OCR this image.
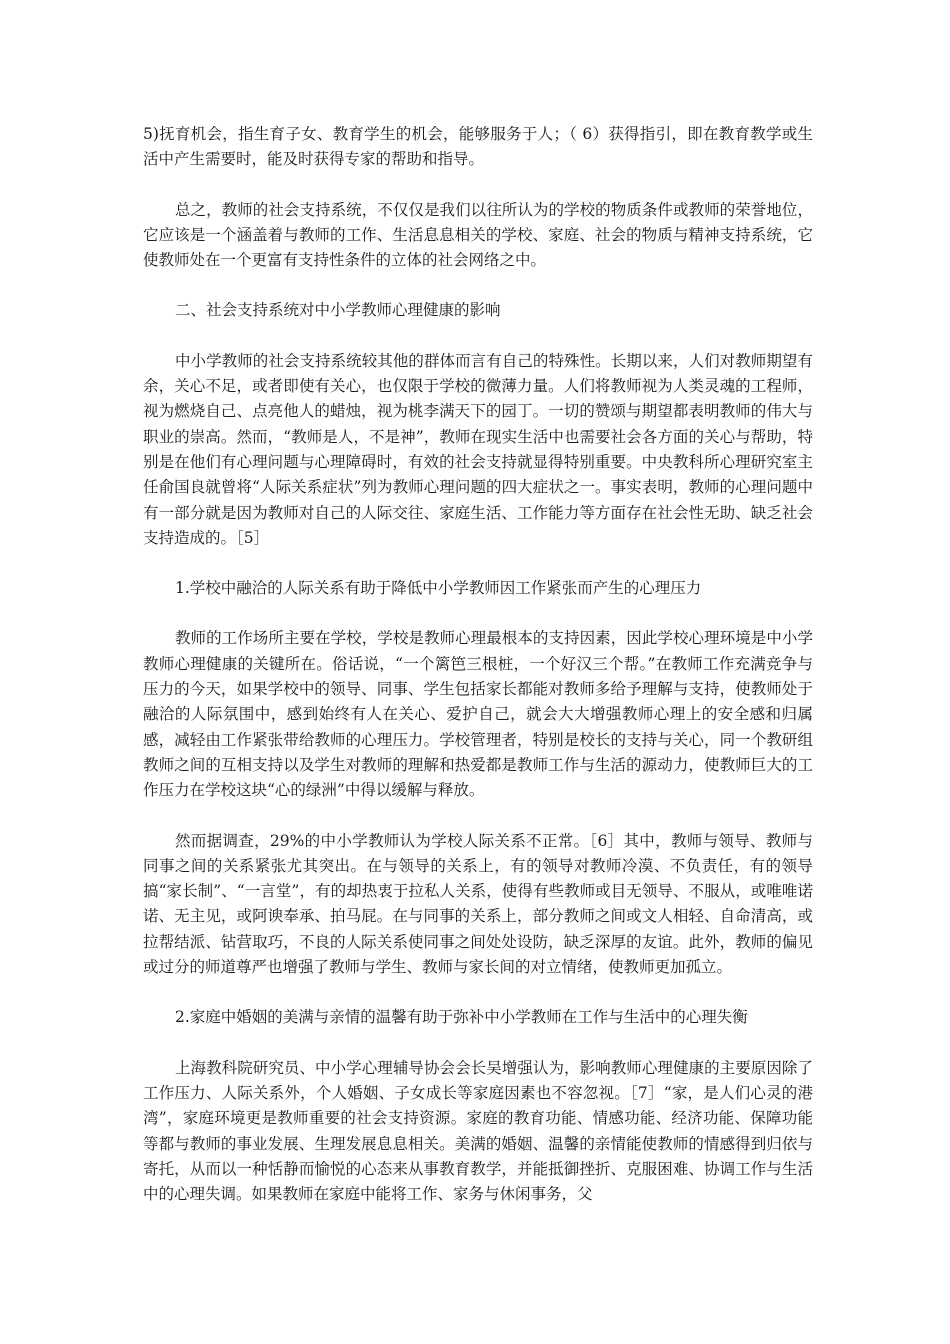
5)抚育机会，指生育子女、教育学生的机会，能够服务于人；（ 6）获得指引，即在教育教学或生活中产生需要时，能及时获得专家的帮助和指导。

总之，教师的社会支持系统，不仅仅是我们以往所认为的学校的物质条件或教师的荣誉地位，它应该是一个涵盖着与教师的工作、生活息息相关的学校、家庭、社会的物质与精神支持系统，它使教师处在一个更富有支持性条件的立体的社会网络之中。

二、社会支持系统对中小学教师心理健康的影响

中小学教师的社会支持系统较其他的群体而言有自己的特殊性。长期以来，人们对教师期望有余，关心不足，或者即使有关心，也仅限于学校的微薄力量。人们将教师视为人类灵魂的工程师，视为燃烧自己、点亮他人的蜡烛，视为桃李满天下的园丁。一切的赞颂与期望都表明教师的伟大与职业的崇高。然而，“教师是人，不是神”，教师在现实生活中也需要社会各方面的关心与帮助，特别是在他们有心理问题与心理障碍时，有效的社会支持就显得特别重要。中央教科所心理研究室主任俞国良就曾将“人际关系症状”列为教师心理问题的四大症状之一。事实表明，教师的心理问题中有一部分就是因为教师对自己的人际交往、家庭生活、工作能力等方面存在社会性无助、缺乏社会支持造成的。［5］

1.学校中融洽的人际关系有助于降低中小学教师因工作紧张而产生的心理压力

教师的工作场所主要在学校，学校是教师心理最根本的支持因素，因此学校心理环境是中小学教师心理健康的关键所在。俗话说，“一个篱笆三根桩，一个好汉三个帮。”在教师工作充满竞争与压力的今天，如果学校中的领导、同事、学生包括家长都能对教师多给予理解与支持，使教师处于融洽的人际氛围中，感到始终有人在关心、爱护自己，就会大大增强教师心理上的安全感和归属感，减轻由工作紧张带给教师的心理压力。学校管理者，特别是校长的支持与关心，同一个教研组教师之间的互相支持以及学生对教师的理解和热爱都是教师工作与生活的源动力，使教师巨大的工作压力在学校这块“心的绿洲”中得以缓解与释放。

然而据调查，29%的中小学教师认为学校人际关系不正常。［6］其中，教师与领导、教师与同事之间的关系紧张尤其突出。在与领导的关系上，有的领导对教师冷漠、不负责任，有的领导搞“家长制”、“一言堂”，有的却热衷于拉私人关系，使得有些教师或目无领导、不服从，或唯唯诺诺、无主见，或阿谀奉承、拍马屁。在与同事的关系上，部分教师之间或文人相轻、自命清高，或拉帮结派、钻营取巧，不良的人际关系使同事之间处处设防，缺乏深厚的友谊。此外，教师的偏见或过分的师道尊严也增强了教师与学生、教师与家长间的对立情绪，使教师更加孤立。

2.家庭中婚姻的美满与亲情的温馨有助于弥补中小学教师在工作与生活中的心理失衡

上海教科院研究员、中小学心理辅导协会会长吴增强认为，影响教师心理健康的主要原因除了工作压力、人际关系外，个人婚姻、子女成长等家庭因素也不容忽视。［7］“家，是人们心灵的港湾”，家庭环境更是教师重要的社会支持资源。家庭的教育功能、情感功能、经济功能、保障功能等都与教师的事业发展、生理发展息息相关。美满的婚姻、温馨的亲情能使教师的情感得到归依与寄托，从而以一种恬静而愉悦的心态来从事教育教学，并能抵御挫折、克服困难、协调工作与生活中的心理失调。如果教师在家庭中能将工作、家务与休闲事务，父
